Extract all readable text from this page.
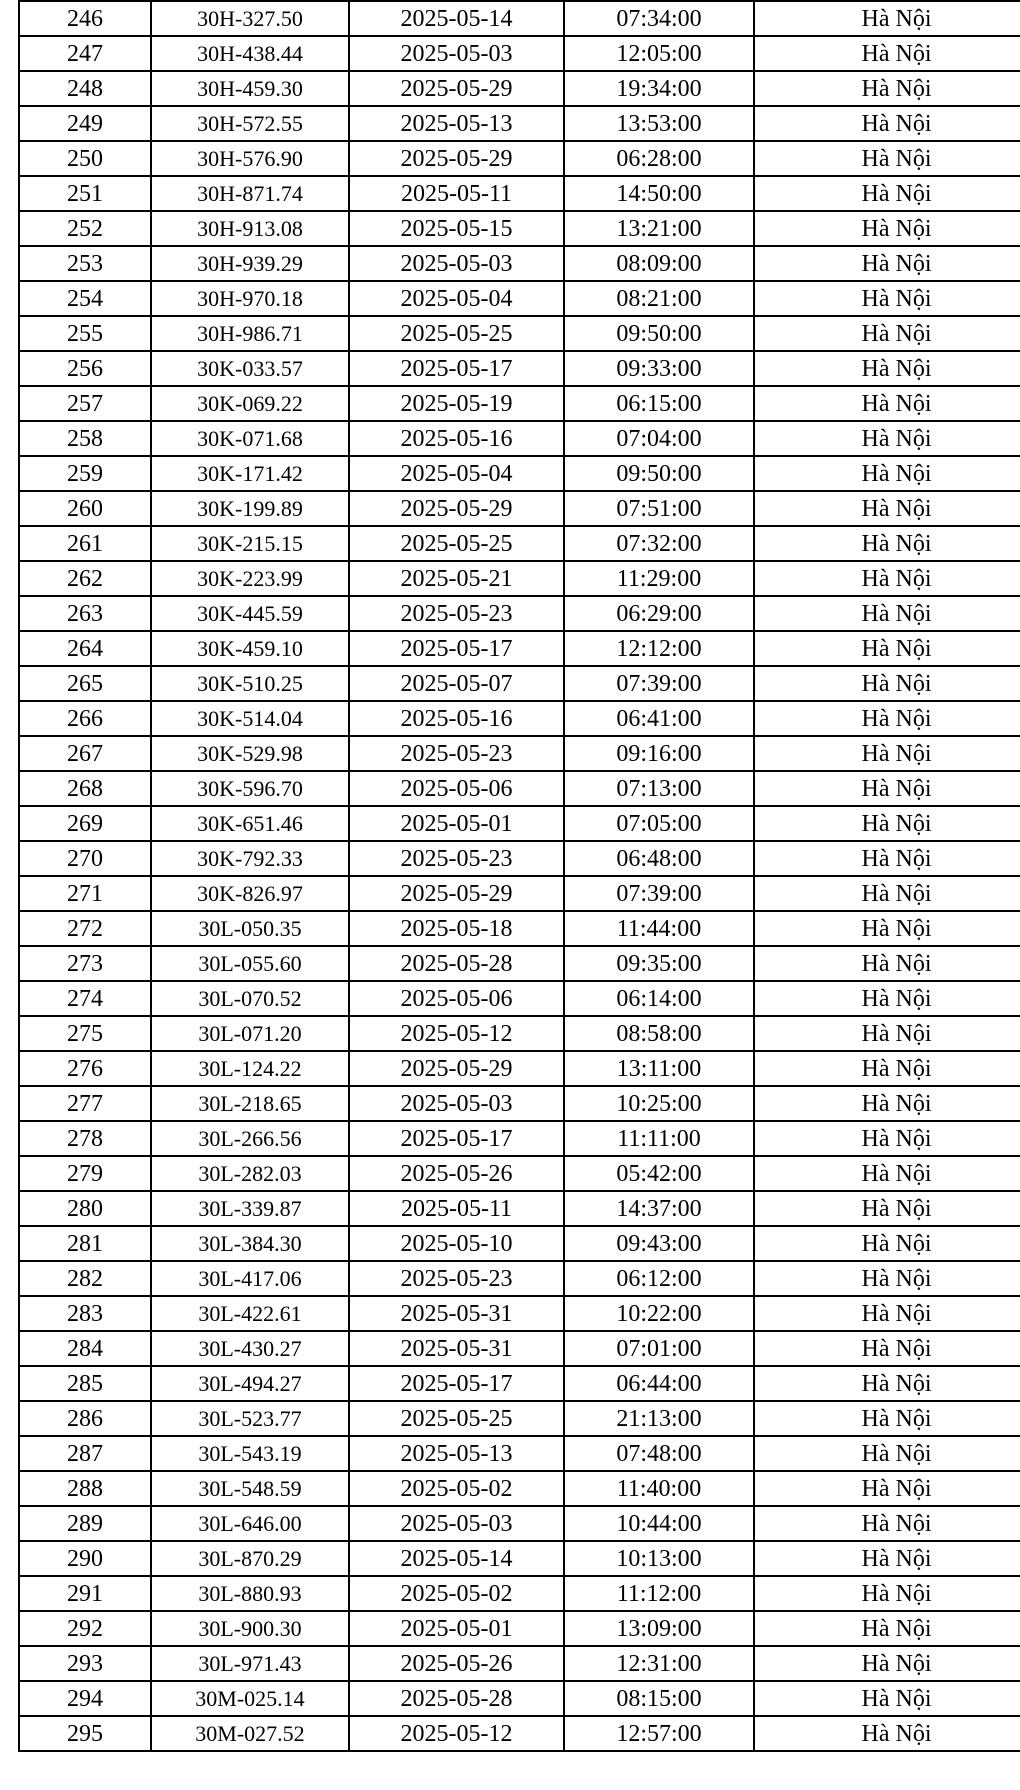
246	30H-327.50	2025-05-14	07:34:00	Hà Nội
247	30H-438.44	2025-05-03	12:05:00	Hà Nội
248	30H-459.30	2025-05-29	19:34:00	Hà Nội
249	30H-572.55	2025-05-13	13:53:00	Hà Nội
250	30H-576.90	2025-05-29	06:28:00	Hà Nội
251	30H-871.74	2025-05-11	14:50:00	Hà Nội
252	30H-913.08	2025-05-15	13:21:00	Hà Nội
253	30H-939.29	2025-05-03	08:09:00	Hà Nội
254	30H-970.18	2025-05-04	08:21:00	Hà Nội
255	30H-986.71	2025-05-25	09:50:00	Hà Nội
256	30K-033.57	2025-05-17	09:33:00	Hà Nội
257	30K-069.22	2025-05-19	06:15:00	Hà Nội
258	30K-071.68	2025-05-16	07:04:00	Hà Nội
259	30K-171.42	2025-05-04	09:50:00	Hà Nội
260	30K-199.89	2025-05-29	07:51:00	Hà Nội
261	30K-215.15	2025-05-25	07:32:00	Hà Nội
262	30K-223.99	2025-05-21	11:29:00	Hà Nội
263	30K-445.59	2025-05-23	06:29:00	Hà Nội
264	30K-459.10	2025-05-17	12:12:00	Hà Nội
265	30K-510.25	2025-05-07	07:39:00	Hà Nội
266	30K-514.04	2025-05-16	06:41:00	Hà Nội
267	30K-529.98	2025-05-23	09:16:00	Hà Nội
268	30K-596.70	2025-05-06	07:13:00	Hà Nội
269	30K-651.46	2025-05-01	07:05:00	Hà Nội
270	30K-792.33	2025-05-23	06:48:00	Hà Nội
271	30K-826.97	2025-05-29	07:39:00	Hà Nội
272	30L-050.35	2025-05-18	11:44:00	Hà Nội
273	30L-055.60	2025-05-28	09:35:00	Hà Nội
274	30L-070.52	2025-05-06	06:14:00	Hà Nội
275	30L-071.20	2025-05-12	08:58:00	Hà Nội
276	30L-124.22	2025-05-29	13:11:00	Hà Nội
277	30L-218.65	2025-05-03	10:25:00	Hà Nội
278	30L-266.56	2025-05-17	11:11:00	Hà Nội
279	30L-282.03	2025-05-26	05:42:00	Hà Nội
280	30L-339.87	2025-05-11	14:37:00	Hà Nội
281	30L-384.30	2025-05-10	09:43:00	Hà Nội
282	30L-417.06	2025-05-23	06:12:00	Hà Nội
283	30L-422.61	2025-05-31	10:22:00	Hà Nội
284	30L-430.27	2025-05-31	07:01:00	Hà Nội
285	30L-494.27	2025-05-17	06:44:00	Hà Nội
286	30L-523.77	2025-05-25	21:13:00	Hà Nội
287	30L-543.19	2025-05-13	07:48:00	Hà Nội
288	30L-548.59	2025-05-02	11:40:00	Hà Nội
289	30L-646.00	2025-05-03	10:44:00	Hà Nội
290	30L-870.29	2025-05-14	10:13:00	Hà Nội
291	30L-880.93	2025-05-02	11:12:00	Hà Nội
292	30L-900.30	2025-05-01	13:09:00	Hà Nội
293	30L-971.43	2025-05-26	12:31:00	Hà Nội
294	30M-025.14	2025-05-28	08:15:00	Hà Nội
295	30M-027.52	2025-05-12	12:57:00	Hà Nội
